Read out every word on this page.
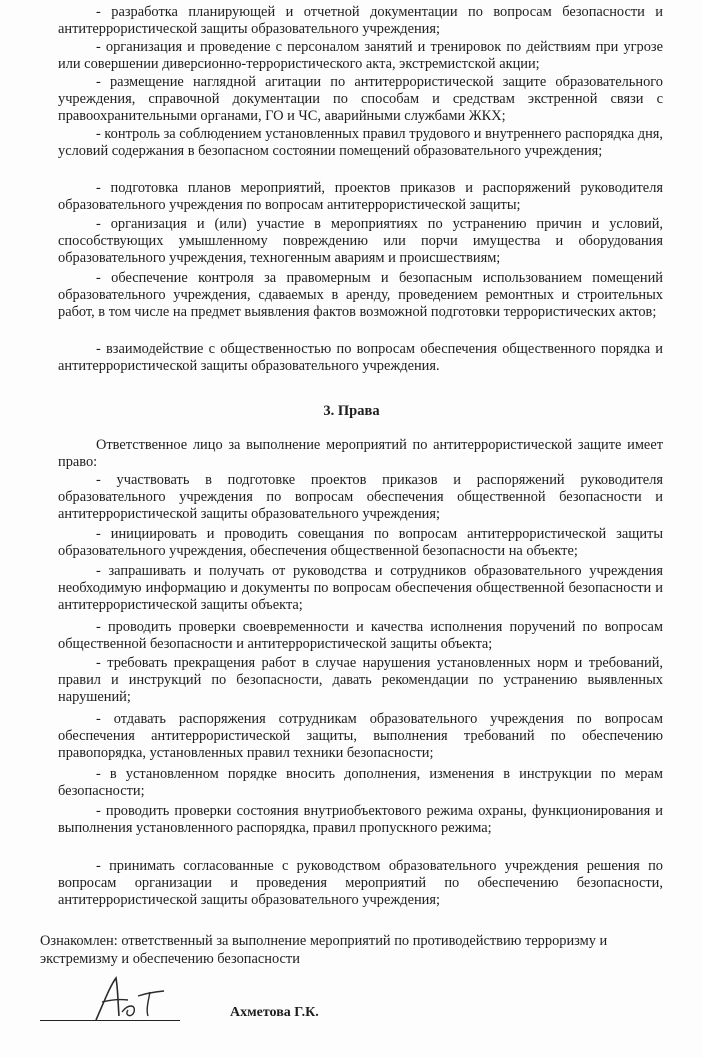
- разработка планирующей и отчетной документации по вопросам безопасности и антитеррористической защиты образовательного учреждения;

- организация и проведение с персоналом занятий и тренировок по действиям при угрозе или совершении диверсионно-террористического акта, экстремистской акции;

- размещение наглядной агитации по антитеррористической защите образовательного учреждения, справочной документации по способам и средствам экстренной связи с правоохранительными органами, ГО и ЧС, аварийными службами ЖКХ;

- контроль за соблюдением установленных правил трудового и внутреннего распорядка дня, условий содержания в безопасном состоянии помещений образовательного учреждения;

- подготовка планов мероприятий, проектов приказов и распоряжений руководителя образовательного учреждения по вопросам антитеррористической защиты;

- организация и (или) участие в мероприятиях по устранению причин и условий, способствующих умышленному повреждению или порчи имущества и оборудования образовательного учреждения, техногенным авариям и происшествиям;

- обеспечение контроля за правомерным и безопасным использованием помещений образовательного учреждения, сдаваемых в аренду, проведением ремонтных и строительных работ, в том числе на предмет выявления фактов возможной подготовки террористических актов;

- взаимодействие с общественностью по вопросам обеспечения общественного порядка и антитеррористической защиты образовательного учреждения.

3. Права

Ответственное лицо за выполнение мероприятий по антитеррористической защите имеет право:

- участвовать в подготовке проектов приказов и распоряжений руководителя образовательного учреждения по вопросам обеспечения общественной безопасности и антитеррористической защиты образовательного учреждения;

- инициировать и проводить совещания по вопросам антитеррористической защиты образовательного учреждения, обеспечения общественной безопасности на объекте;

- запрашивать и получать от руководства и сотрудников образовательного учреждения необходимую информацию и документы по вопросам обеспечения общественной безопасности и антитеррористической защиты объекта;

- проводить проверки своевременности и качества исполнения поручений по вопросам общественной безопасности и антитеррористической защиты объекта;

- требовать прекращения работ в случае нарушения установленных норм и требований, правил и инструкций по безопасности, давать рекомендации по устранению выявленных нарушений;

- отдавать распоряжения сотрудникам образовательного учреждения по вопросам обеспечения антитеррористической защиты, выполнения требований по обеспечению правопорядка, установленных правил техники безопасности;

- в установленном порядке вносить дополнения, изменения в инструкции по мерам безопасности;

- проводить проверки состояния внутриобъектового режима охраны, функционирования и выполнения установленного распорядка, правил пропускного режима;

- принимать согласованные с руководством образовательного учреждения решения по вопросам организации и проведения мероприятий по обеспечению безопасности, антитеррористической защиты образовательного учреждения;

Ознакомлен: ответственный за выполнение мероприятий по противодействию терроризму и экстремизму и обеспечению безопасности

Ахметова Г.К.
